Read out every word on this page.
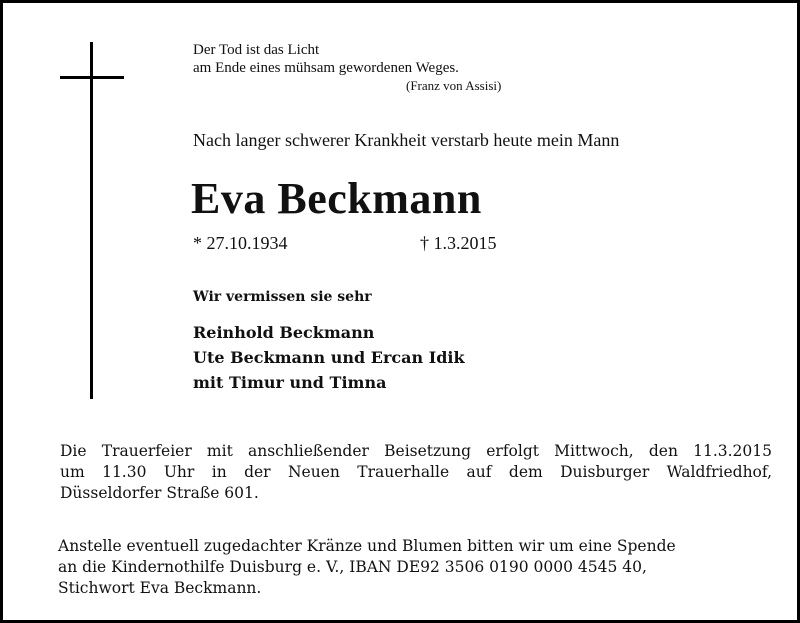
Der Tod ist das Licht
am Ende eines mühsam gewordenen Weges.
(Franz von Assisi)
Nach langer schwerer Krankheit verstarb heute mein Mann
Eva Beckmann
* 27.10.1934	† 1.3.2015
Wir vermissen sie sehr
Reinhold Beckmann
Ute Beckmann und Ercan Idik
mit Timur und Timna
Die Trauerfeier mit anschließender Beisetzung erfolgt Mittwoch, den 11.3.2015
um 11.30 Uhr in der Neuen Trauerhalle auf dem Duisburger Waldfriedhof,
Düsseldorfer Straße 601.
Anstelle eventuell zugedachter Kränze und Blumen bitten wir um eine Spende
an die Kindernothilfe Duisburg e. V., IBAN DE92 3506 0190 0000 4545 40,
Stichwort Eva Beckmann.
